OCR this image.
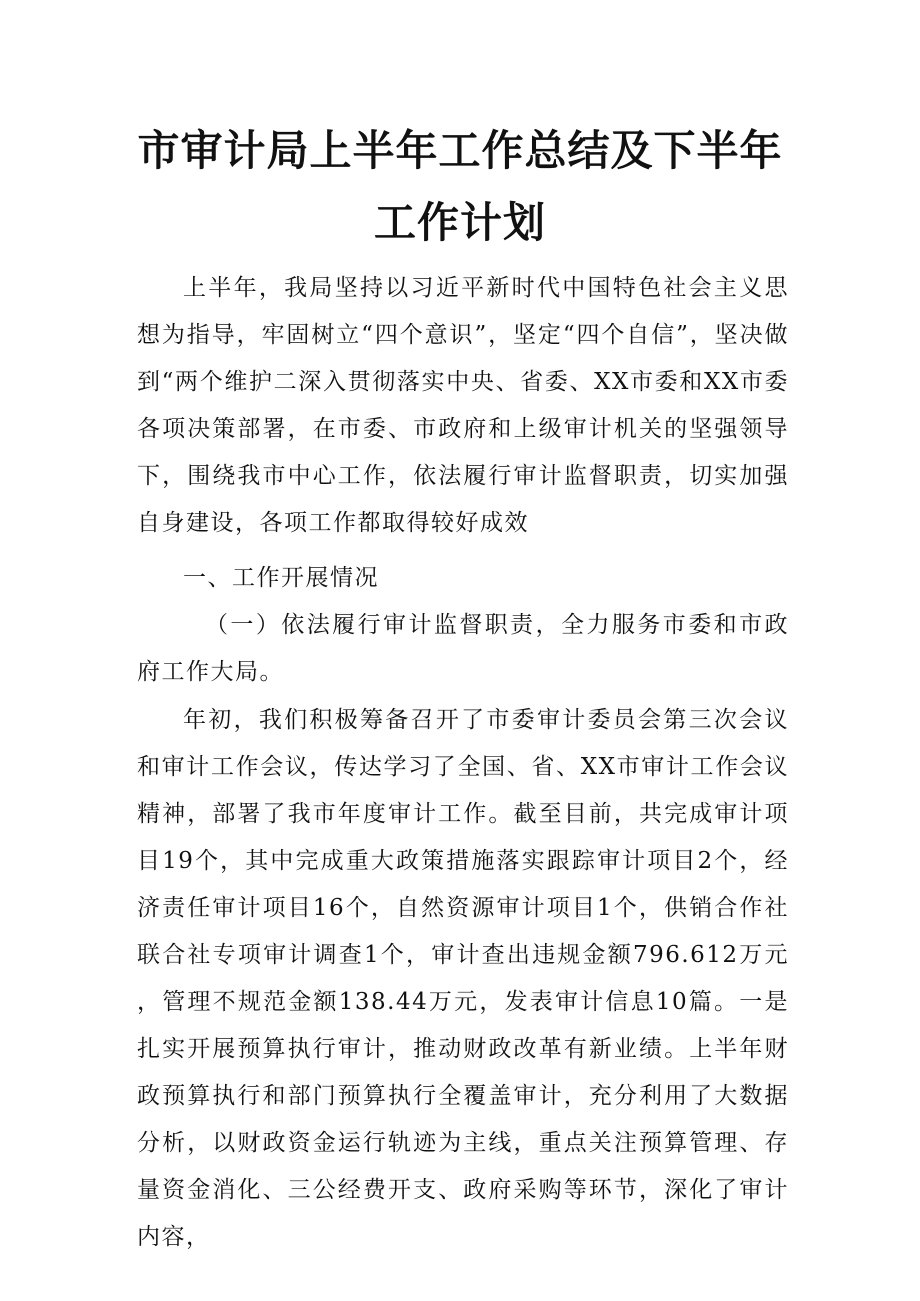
市审计局上半年工作总结及下半年
工作计划
上半年，我局坚持以习近平新时代中国特色社会主义思想为指导，牢固树立“四个意识”，坚定“四个自信”，坚决做到“两个维护二深入贯彻落实中央、省委、XX市委和XX市委各项决策部署，在市委、市政府和上级审计机关的坚强领导下，围绕我市中心工作，依法履行审计监督职责，切实加强自身建设，各项工作都取得较好成效
一、工作开展情况
（一）依法履行审计监督职责，全力服务市委和市政府工作大局。
年初，我们积极筹备召开了市委审计委员会第三次会议和审计工作会议，传达学习了全国、省、XX市审计工作会议精神，部署了我市年度审计工作。截至目前，共完成审计项目19个，其中完成重大政策措施落实跟踪审计项目2个，经济责任审计项目16个，自然资源审计项目1个，供销合作社联合社专项审计调查1个，审计查出违规金额796.612万元，管理不规范金额138.44万元，发表审计信息10篇。一是扎实开展预算执行审计，推动财政改革有新业绩。上半年财政预算执行和部门预算执行全覆盖审计，充分利用了大数据分析，以财政资金运行轨迹为主线，重点关注预算管理、存量资金消化、三公经费开支、政府采购等环节，深化了审计内容，
